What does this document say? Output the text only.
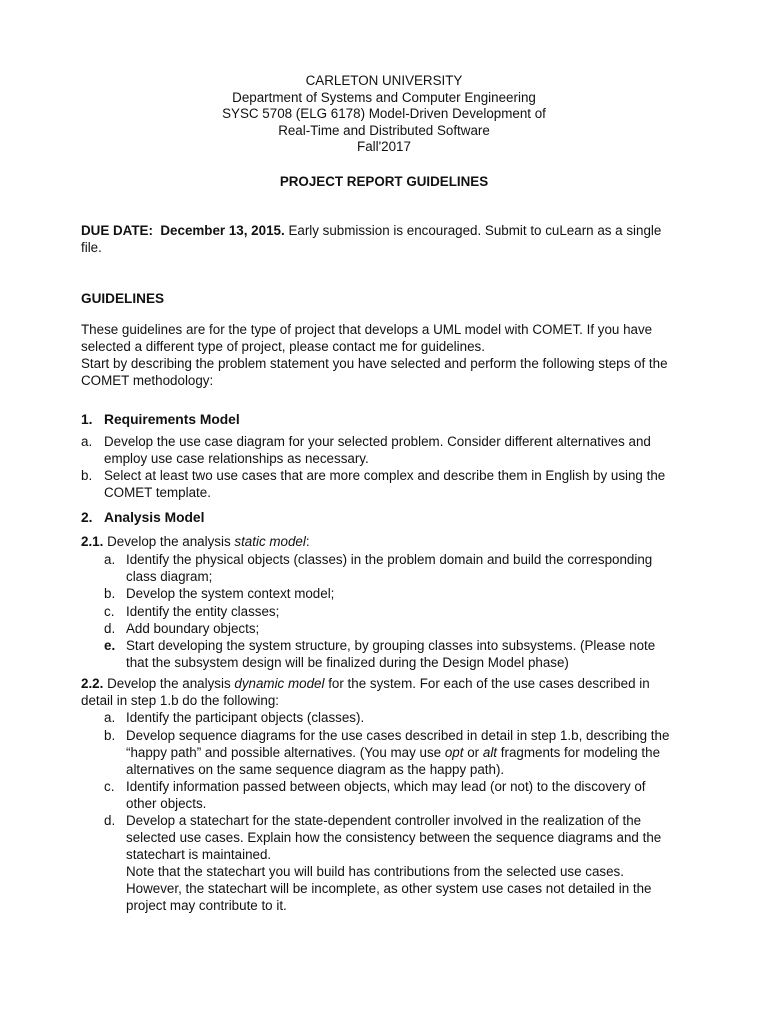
CARLETON UNIVERSITY
Department of Systems and Computer Engineering
SYSC 5708 (ELG 6178) Model-Driven Development of
Real-Time and Distributed Software
Fall'2017
PROJECT REPORT GUIDELINES
DUE DATE: December 13, 2015. Early submission is encouraged. Submit to cuLearn as a single
file.
GUIDELINES
These guidelines are for the type of project that develops a UML model with COMET. If you have
selected a different type of project, please contact me for guidelines.
Start by describing the problem statement you have selected and perform the following steps of the
COMET methodology:
1. Requirements Model
a. Develop the use case diagram for your selected problem. Consider different alternatives and
employ use case relationships as necessary.
b. Select at least two use cases that are more complex and describe them in English by using the
COMET template.
2. Analysis Model
2.1. Develop the analysis static model:
a. Identify the physical objects (classes) in the problem domain and build the corresponding
class diagram;
b. Develop the system context model;
c. Identify the entity classes;
d. Add boundary objects;
e. Start developing the system structure, by grouping classes into subsystems. (Please note
that the subsystem design will be finalized during the Design Model phase)
2.2. Develop the analysis dynamic model for the system. For each of the use cases described in
detail in step 1.b do the following:
a. Identify the participant objects (classes).
b. Develop sequence diagrams for the use cases described in detail in step 1.b, describing the
“happy path” and possible alternatives. (You may use opt or alt fragments for modeling the
alternatives on the same sequence diagram as the happy path).
c. Identify information passed between objects, which may lead (or not) to the discovery of
other objects.
d. Develop a statechart for the state-dependent controller involved in the realization of the
selected use cases. Explain how the consistency between the sequence diagrams and the
statechart is maintained.
Note that the statechart you will build has contributions from the selected use cases.
However, the statechart will be incomplete, as other system use cases not detailed in the
project may contribute to it.
